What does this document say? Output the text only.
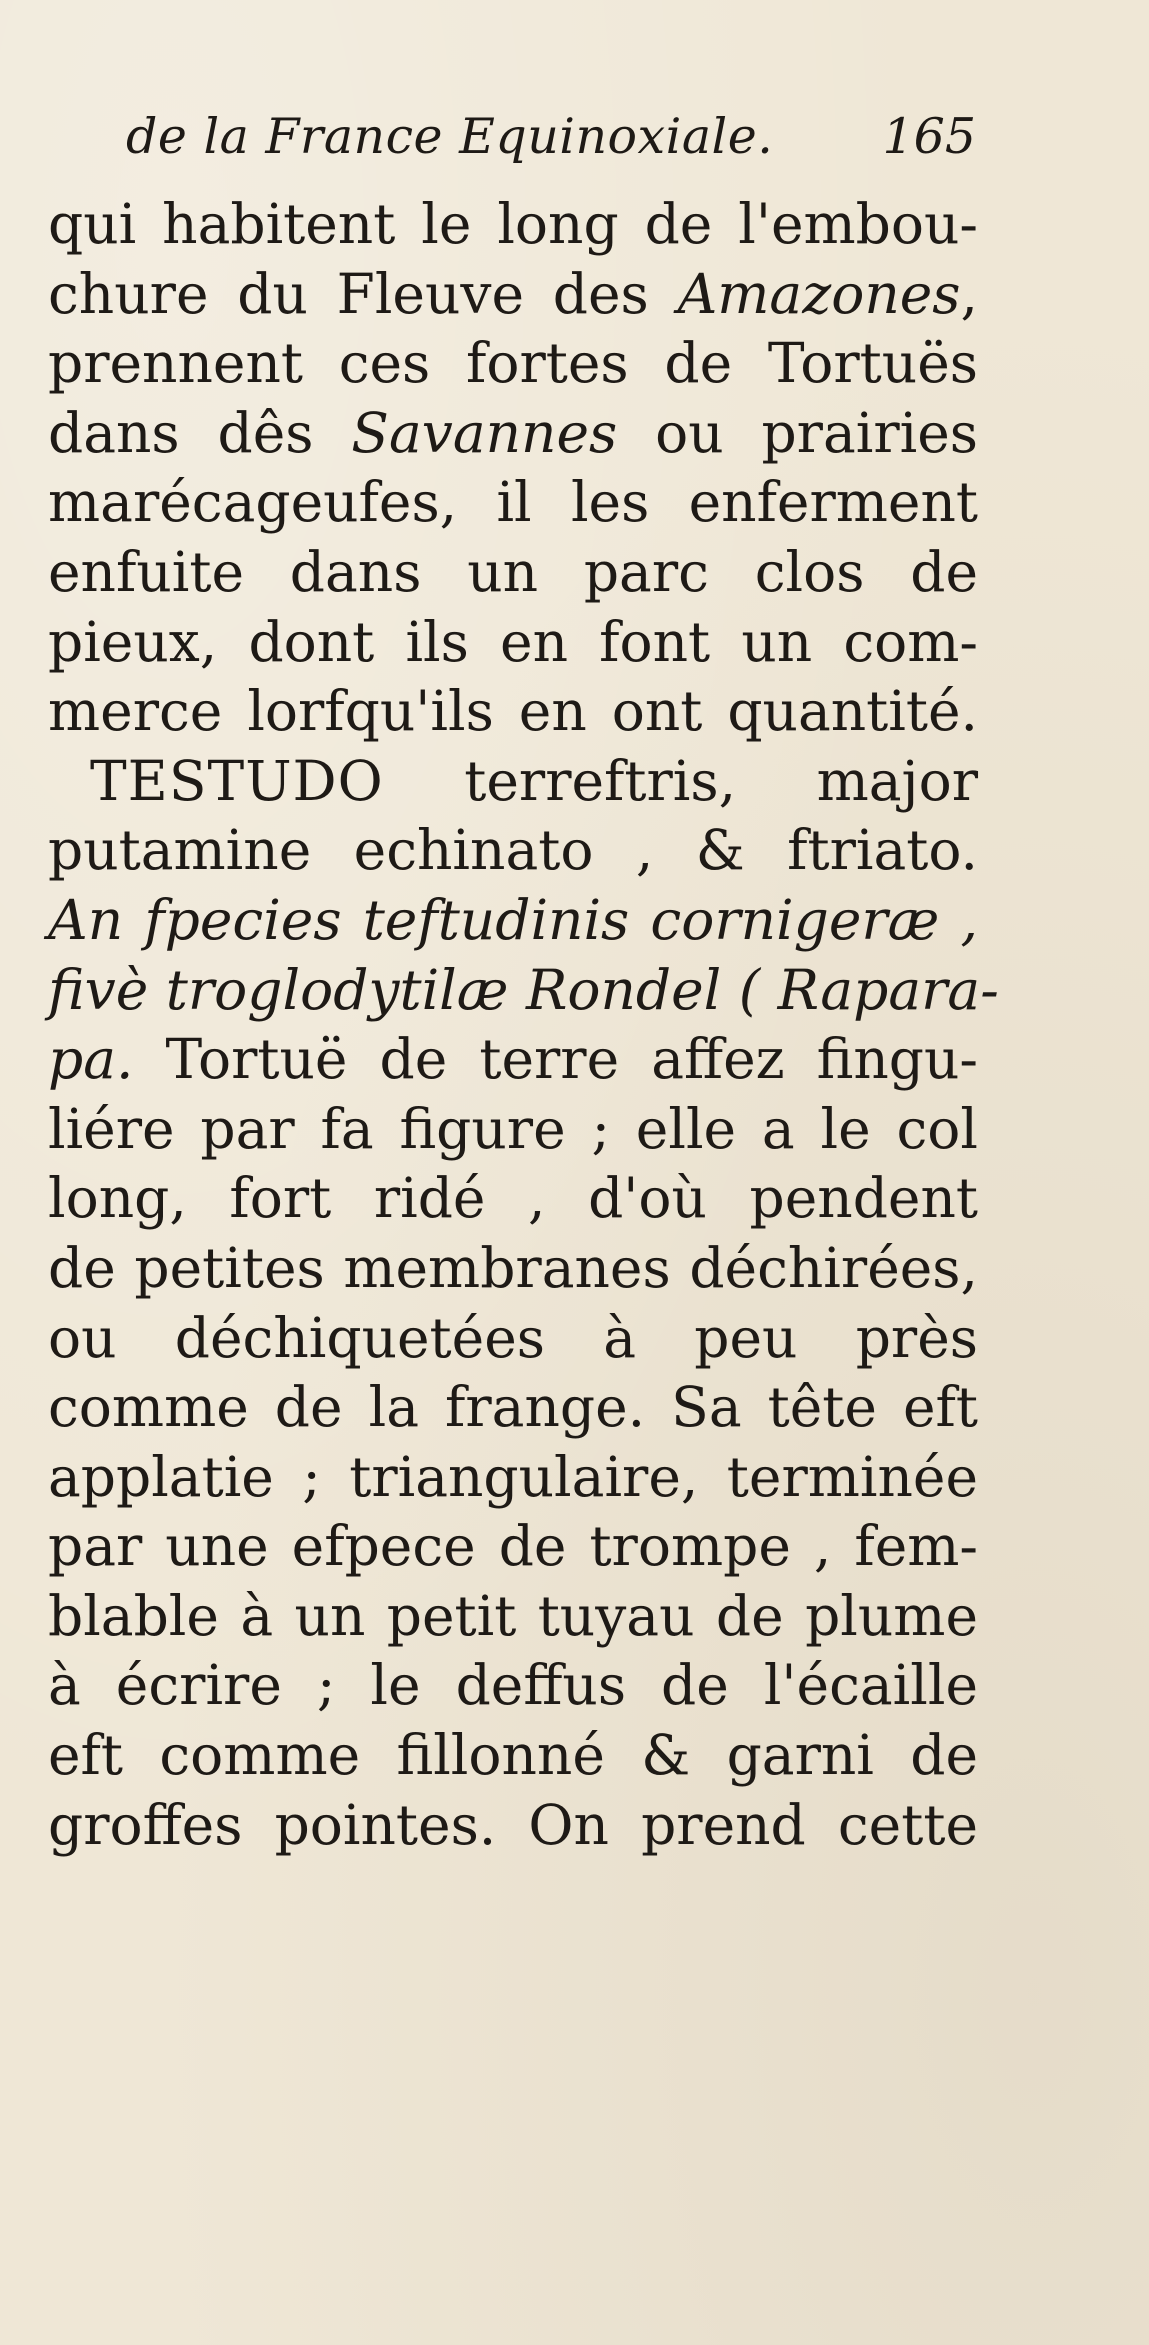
de la France Equinoxiale. 165
qui habitent le long de l'embou-
chure du Fleuve des Amazones,
prennent ces fortes de Tortuës
dans dês Savannes ou prairies
marécageufes, il les enferment
enfuite dans un parc clos de
pieux, dont ils en font un com-
merce lorfqu'ils en ont quantité.
TESTUDO terreftris, major
putamine echinato , & ftriato.
An fpecies teftudinis cornigeræ ,
fivè troglodytilæ Rondel ( Rapara-
pa. Tortuë de terre affez fingu-
liére par fa figure ; elle a le col
long, fort ridé , d'où pendent
de petites membranes déchirées,
ou déchiquetées à peu près
comme de la frange. Sa tête eft
applatie ; triangulaire, terminée
par une efpece de trompe , fem-
blable à un petit tuyau de plume
à écrire ; le deffus de l'écaille
eft comme fillonné & garni de
groffes pointes. On prend cette
